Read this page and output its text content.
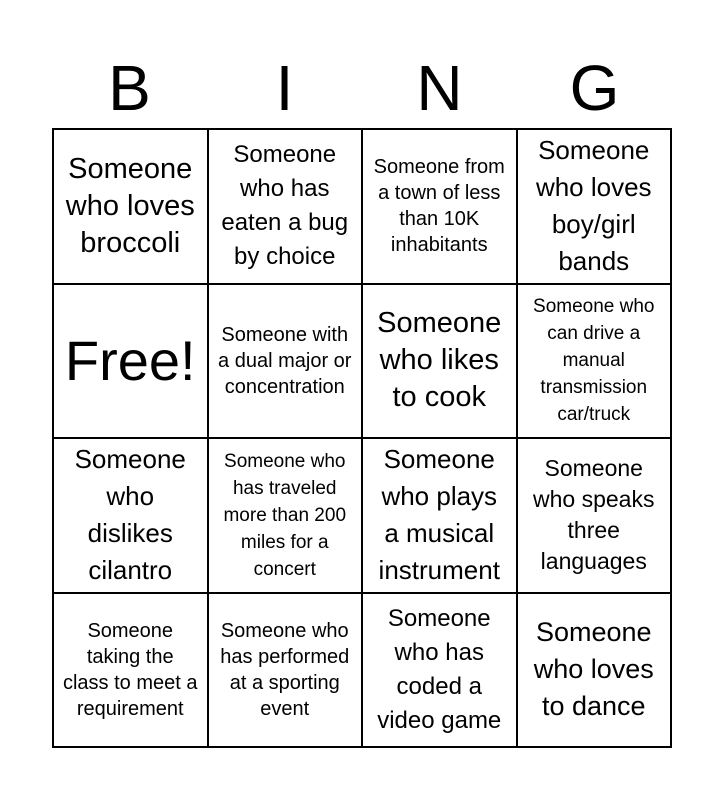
B	I	N	G
Someone who loves broccoli
Someone who has eaten a bug by choice
Someone from a town of less than 10K inhabitants
Someone who loves boy/girl bands
Free! Someone with a dual major or concentration
Someone who likes to cook
Someone who can drive a manual transmission car/truck
Someone who dislikes cilantro
Someone who has traveled more than 200 miles for a concert
Someone who plays a musical instrument
Someone who speaks three languages
Someone taking the class to meet a requirement
Someone who has performed at a sporting event
Someone who has coded a video game
Someone who loves to dance
